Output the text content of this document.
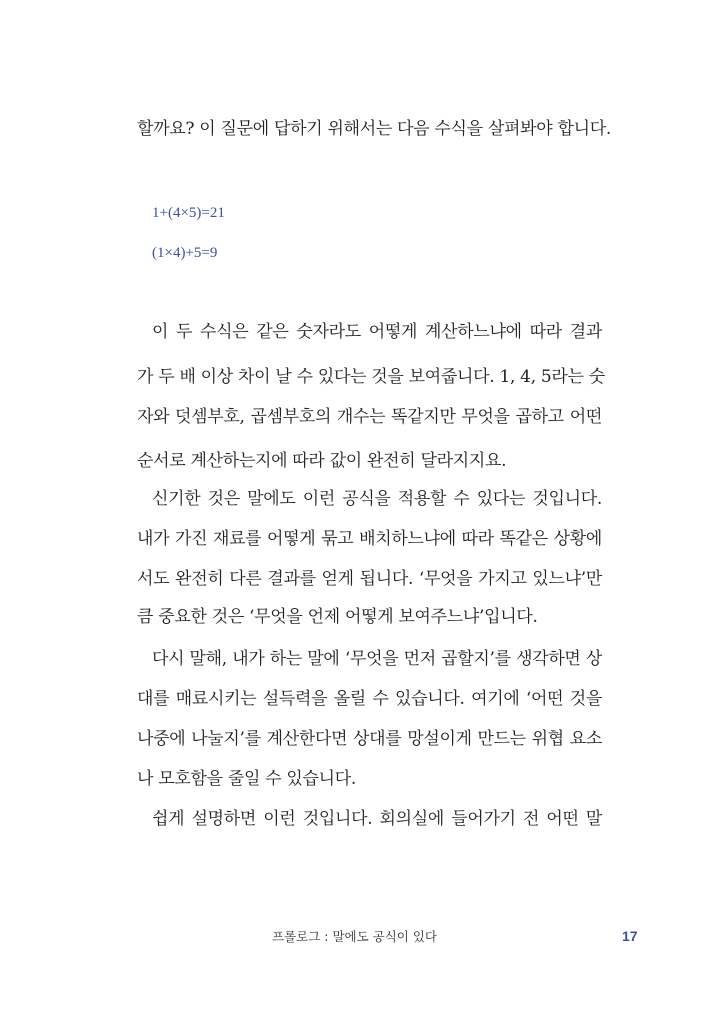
할까요? 이 질문에 답하기 위해서는 다음 수식을 살펴봐야 합니다.
1+(4×5)=21
(1×4)+5=9
이 두 수식은 같은 숫자라도 어떻게 계산하느냐에 따라 결과
가 두 배 이상 차이 날 수 있다는 것을 보여줍니다. 1, 4, 5라는 숫
자와 덧셈부호, 곱셈부호의 개수는 똑같지만 무엇을 곱하고 어떤
순서로 계산하는지에 따라 값이 완전히 달라지지요.
신기한 것은 말에도 이런 공식을 적용할 수 있다는 것입니다.
내가 가진 재료를 어떻게 묶고 배치하느냐에 따라 똑같은 상황에
서도 완전히 다른 결과를 얻게 됩니다. ‘무엇을 가지고 있느냐’만
큼 중요한 것은 ‘무엇을 언제 어떻게 보여주느냐’입니다.
다시 말해, 내가 하는 말에 ‘무엇을 먼저 곱할지’를 생각하면 상
대를 매료시키는 설득력을 올릴 수 있습니다. 여기에 ‘어떤 것을
나중에 나눌지’를 계산한다면 상대를 망설이게 만드는 위협 요소
나 모호함을 줄일 수 있습니다.
쉽게 설명하면 이런 것입니다. 회의실에 들어가기 전 어떤 말
프롤로그 : 말에도 공식이 있다	17
